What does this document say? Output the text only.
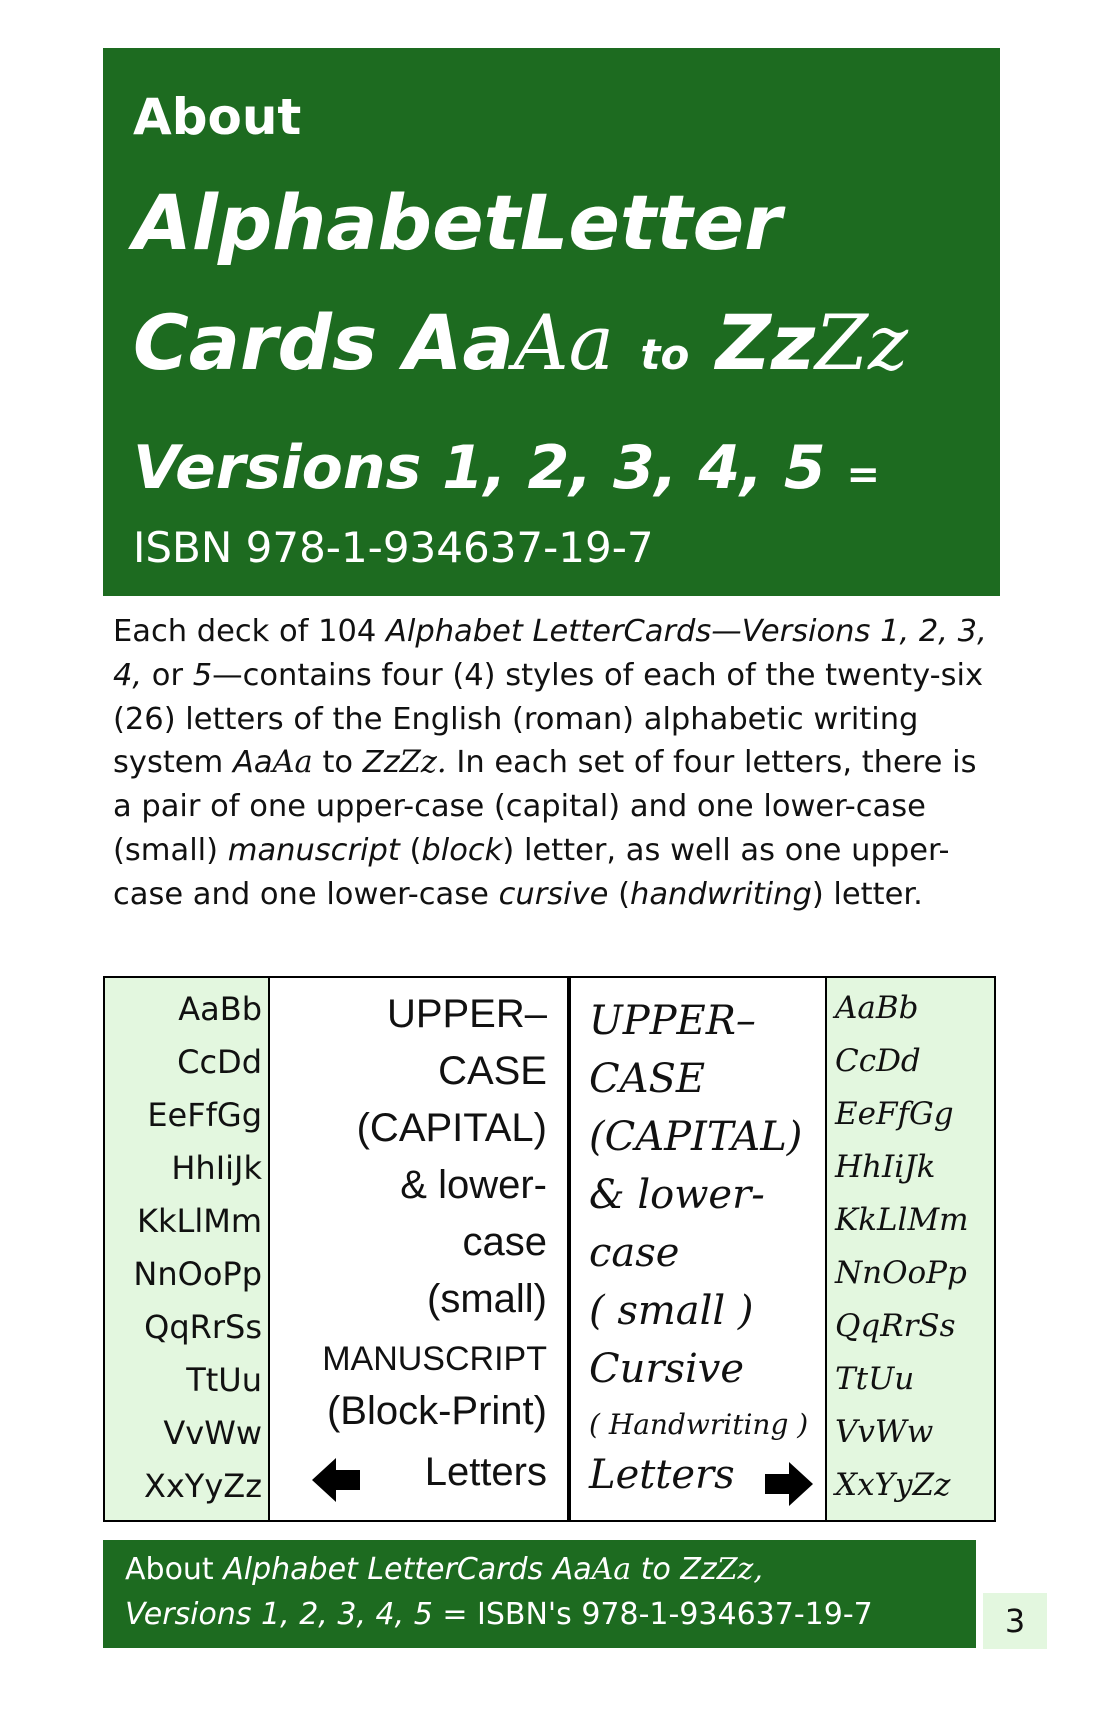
About
AlphabetLetter
Cards AaAa to ZzZz
Versions 1, 2, 3, 4, 5 =
ISBN 978-1-934637-19-7
Each deck of 104 Alphabet LetterCards—Versions 1, 2, 3, 4, or 5—contains four (4) styles of each of the twenty-six (26) letters of the English (roman) alphabetic writing system AaAa to ZzZz. In each set of four letters, there is a pair of one upper-case (capital) and one lower-case (small) manuscript (block) letter, as well as one upper-case and one lower-case cursive (handwriting) letter.
AaBb
CcDd
EeFfGg
HhIiJk
KkLlMm
NnOoPp
QqRrSs
TtUu
VvWw
XxYyZz
UPPER–
CASE
(CAPITAL)
& lower-
case
(small)
MANUSCRIPT
(Block-Print)
Letters
UPPER–
CASE
(CAPITAL)
& lower-
case
( small )
Cursive
( Handwriting )
Letters
AaBb
CcDd
EeFfGg
HhIiJk
KkLlMm
NnOoPp
QqRrSs
TtUu
VvWw
XxYyZz
About Alphabet LetterCards AaAa to ZzZz,
Versions 1, 2, 3, 4, 5 = ISBN's 978-1-934637-19-7	3
